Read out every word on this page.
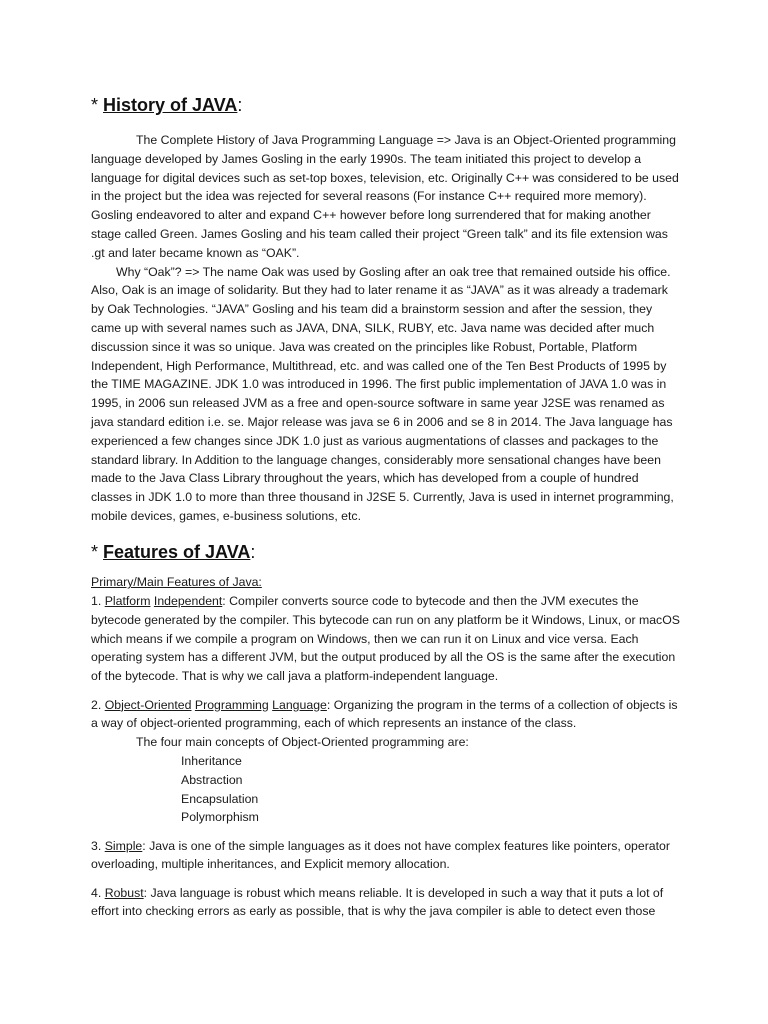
* History of JAVA:

The Complete History of Java Programming Language => Java is an Object-Oriented programming language developed by James Gosling in the early 1990s. The team initiated this project to develop a language for digital devices such as set-top boxes, television, etc. Originally C++ was considered to be used in the project but the idea was rejected for several reasons (For instance C++ required more memory). Gosling endeavored to alter and expand C++ however before long surrendered that for making another stage called Green. James Gosling and his team called their project “Green talk” and its file extension was .gt and later became known as “OAK”.

Why “Oak”? => The name Oak was used by Gosling after an oak tree that remained outside his office. Also, Oak is an image of solidarity. But they had to later rename it as “JAVA” as it was already a trademark by Oak Technologies. “JAVA” Gosling and his team did a brainstorm session and after the session, they came up with several names such as JAVA, DNA, SILK, RUBY, etc. Java name was decided after much discussion since it was so unique. Java was created on the principles like Robust, Portable, Platform Independent, High Performance, Multithread, etc. and was called one of the Ten Best Products of 1995 by the TIME MAGAZINE. JDK 1.0 was introduced in 1996. The first public implementation of JAVA 1.0 was in 1995, in 2006 sun released JVM as a free and open-source software in same year J2SE was renamed as java standard edition i.e. se. Major release was java se 6 in 2006 and se 8 in 2014. The Java language has experienced a few changes since JDK 1.0 just as various augmentations of classes and packages to the standard library. In Addition to the language changes, considerably more sensational changes have been made to the Java Class Library throughout the years, which has developed from a couple of hundred classes in JDK 1.0 to more than three thousand in J2SE 5. Currently, Java is used in internet programming, mobile devices, games, e-business solutions, etc.

* Features of JAVA:

Primary/Main Features of Java:

1. Platform Independent: Compiler converts source code to bytecode and then the JVM executes the bytecode generated by the compiler. This bytecode can run on any platform be it Windows, Linux, or macOS which means if we compile a program on Windows, then we can run it on Linux and vice versa. Each operating system has a different JVM, but the output produced by all the OS is the same after the execution of the bytecode. That is why we call java a platform-independent language.

2. Object-Oriented Programming Language: Organizing the program in the terms of a collection of objects is a way of object-oriented programming, each of which represents an instance of the class.

The four main concepts of Object-Oriented programming are:

Inheritance

Abstraction

Encapsulation

Polymorphism

3. Simple: Java is one of the simple languages as it does not have complex features like pointers, operator overloading, multiple inheritances, and Explicit memory allocation.

4. Robust: Java language is robust which means reliable. It is developed in such a way that it puts a lot of effort into checking errors as early as possible, that is why the java compiler is able to detect even those
